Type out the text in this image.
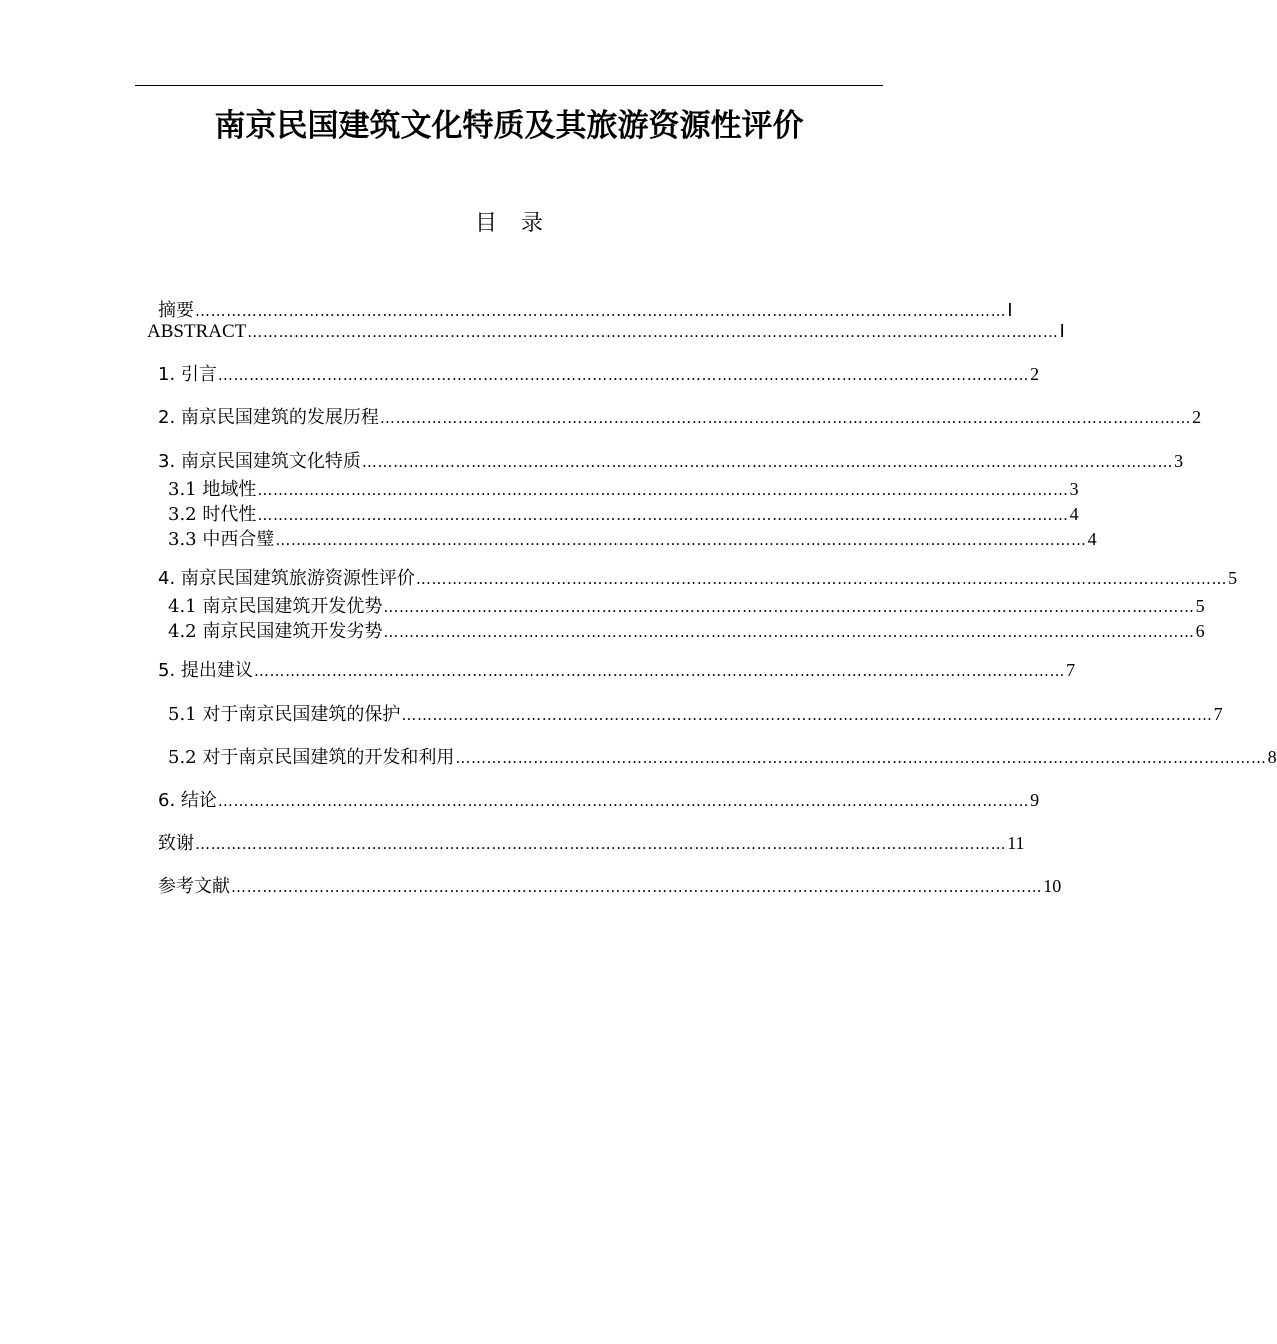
南京民国建筑文化特质及其旅游资源性评价
目录
摘要 ………………………………………………………………………………………………………………………………………… Ⅰ
ABSTRACT ………………………………………………………………………………………………………………………………………… Ⅰ
1. 引言 ………………………………………………………………………………………………………………………………………… 2
2. 南京民国建筑的发展历程 ………………………………………………………………………………………………………………………………………… 2
3. 南京民国建筑文化特质 ………………………………………………………………………………………………………………………………………… 3
3.1 地域性 ………………………………………………………………………………………………………………………………………… 3
3.2 时代性 ………………………………………………………………………………………………………………………………………… 4
3.3 中西合璧 ………………………………………………………………………………………………………………………………………… 4
4. 南京民国建筑旅游资源性评价 ………………………………………………………………………………………………………………………………………… 5
4.1 南京民国建筑开发优势 ………………………………………………………………………………………………………………………………………… 5
4.2 南京民国建筑开发劣势 ………………………………………………………………………………………………………………………………………… 6
5. 提出建议 ………………………………………………………………………………………………………………………………………… 7
5.1 对于南京民国建筑的保护 ………………………………………………………………………………………………………………………………………… 7
5.2 对于南京民国建筑的开发和利用 ………………………………………………………………………………………………………………………………………… 8
6. 结论 ………………………………………………………………………………………………………………………………………… 9
致谢 ………………………………………………………………………………………………………………………………………… 11
参考文献 ………………………………………………………………………………………………………………………………………… 10
